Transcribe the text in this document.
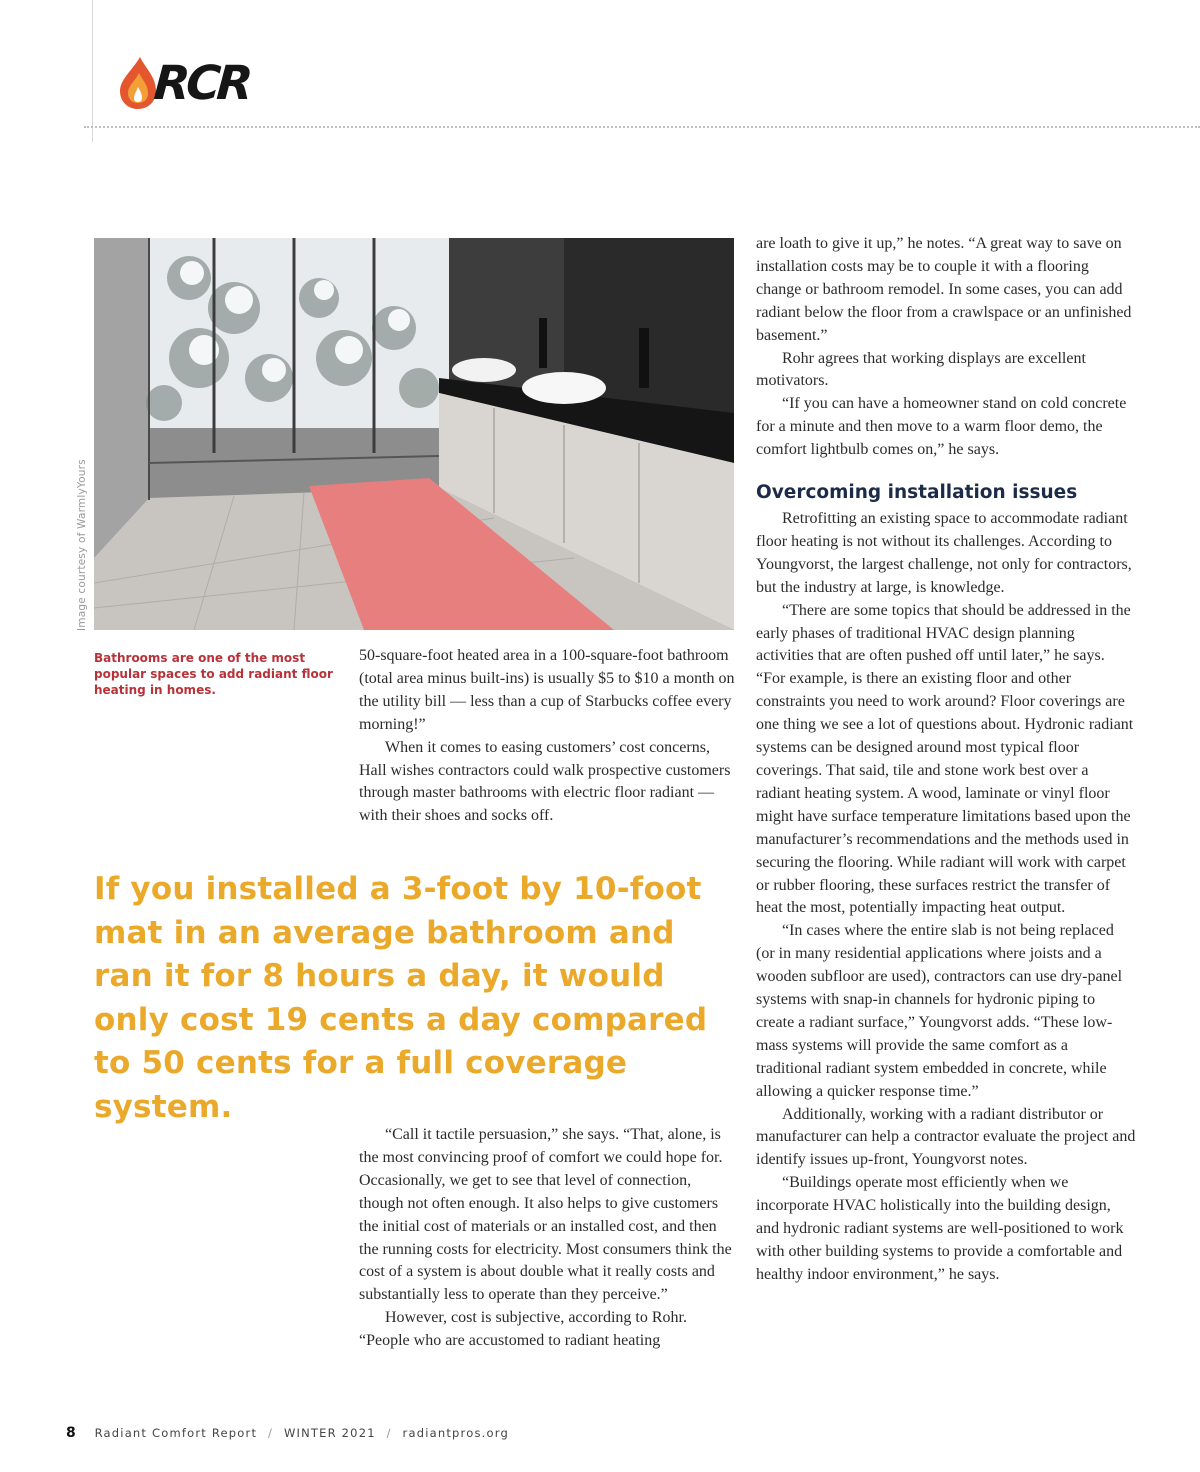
RCR
Image courtesy of WarmlyYours
Bathrooms are one of the most popular spaces to add radiant floor heating in homes.

50-square-foot heated area in a 100-square-foot bathroom (total area minus built-ins) is usually $5 to $10 a month on the utility bill — less than a cup of Starbucks coffee every morning!”

When it comes to easing customers’ cost concerns, Hall wishes contractors could walk prospective customers through master bathrooms with electric floor radiant — with their shoes and socks off.

If you installed a 3-foot by 10-foot mat in an average bathroom and ran it for 8 hours a day, it would only cost 19 cents a day compared to 50 cents for a full coverage system.

“Call it tactile persuasion,” she says. “That, alone, is the most convincing proof of comfort we could hope for. Occasionally, we get to see that level of connection, though not often enough. It also helps to give customers the initial cost of materials or an installed cost, and then the running costs for electricity. Most consumers think the cost of a system is about double what it really costs and substantially less to operate than they perceive.”

However, cost is subjective, according to Rohr. “People who are accustomed to radiant heating

are loath to give it up,” he notes. “A great way to save on installation costs may be to couple it with a flooring change or bathroom remodel. In some cases, you can add radiant below the floor from a crawlspace or an unfinished basement.”

Rohr agrees that working displays are excellent motivators.

“If you can have a homeowner stand on cold concrete for a minute and then move to a warm floor demo, the comfort lightbulb comes on,” he says.

Overcoming installation issues

Retrofitting an existing space to accommodate radiant floor heating is not without its challenges. According to Youngvorst, the largest challenge, not only for contractors, but the industry at large, is knowledge.

“There are some topics that should be addressed in the early phases of traditional HVAC design planning activities that are often pushed off until later,” he says. “For example, is there an existing floor and other constraints you need to work around? Floor coverings are one thing we see a lot of questions about. Hydronic radiant systems can be designed around most typical floor coverings. That said, tile and stone work best over a radiant heating system. A wood, laminate or vinyl floor might have surface temperature limitations based upon the manufacturer’s recommendations and the methods used in securing the flooring. While radiant will work with carpet or rubber flooring, these surfaces restrict the transfer of heat the most, potentially impacting heat output.

“In cases where the entire slab is not being replaced (or in many residential applications where joists and a wooden subfloor are used), contractors can use dry-panel systems with snap-in channels for hydronic piping to create a radiant surface,” Youngvorst adds. “These low-mass systems will provide the same comfort as a traditional radiant system embedded in concrete, while allowing a quicker response time.”

Additionally, working with a radiant distributor or manufacturer can help a contractor evaluate the project and identify issues up-front, Youngvorst notes.

“Buildings operate most efficiently when we incorporate HVAC holistically into the building design, and hydronic radiant systems are well-positioned to work with other building systems to provide a comfortable and healthy indoor environment,” he says.

8 Radiant Comfort Report / WINTER 2021 / radiantpros.org
